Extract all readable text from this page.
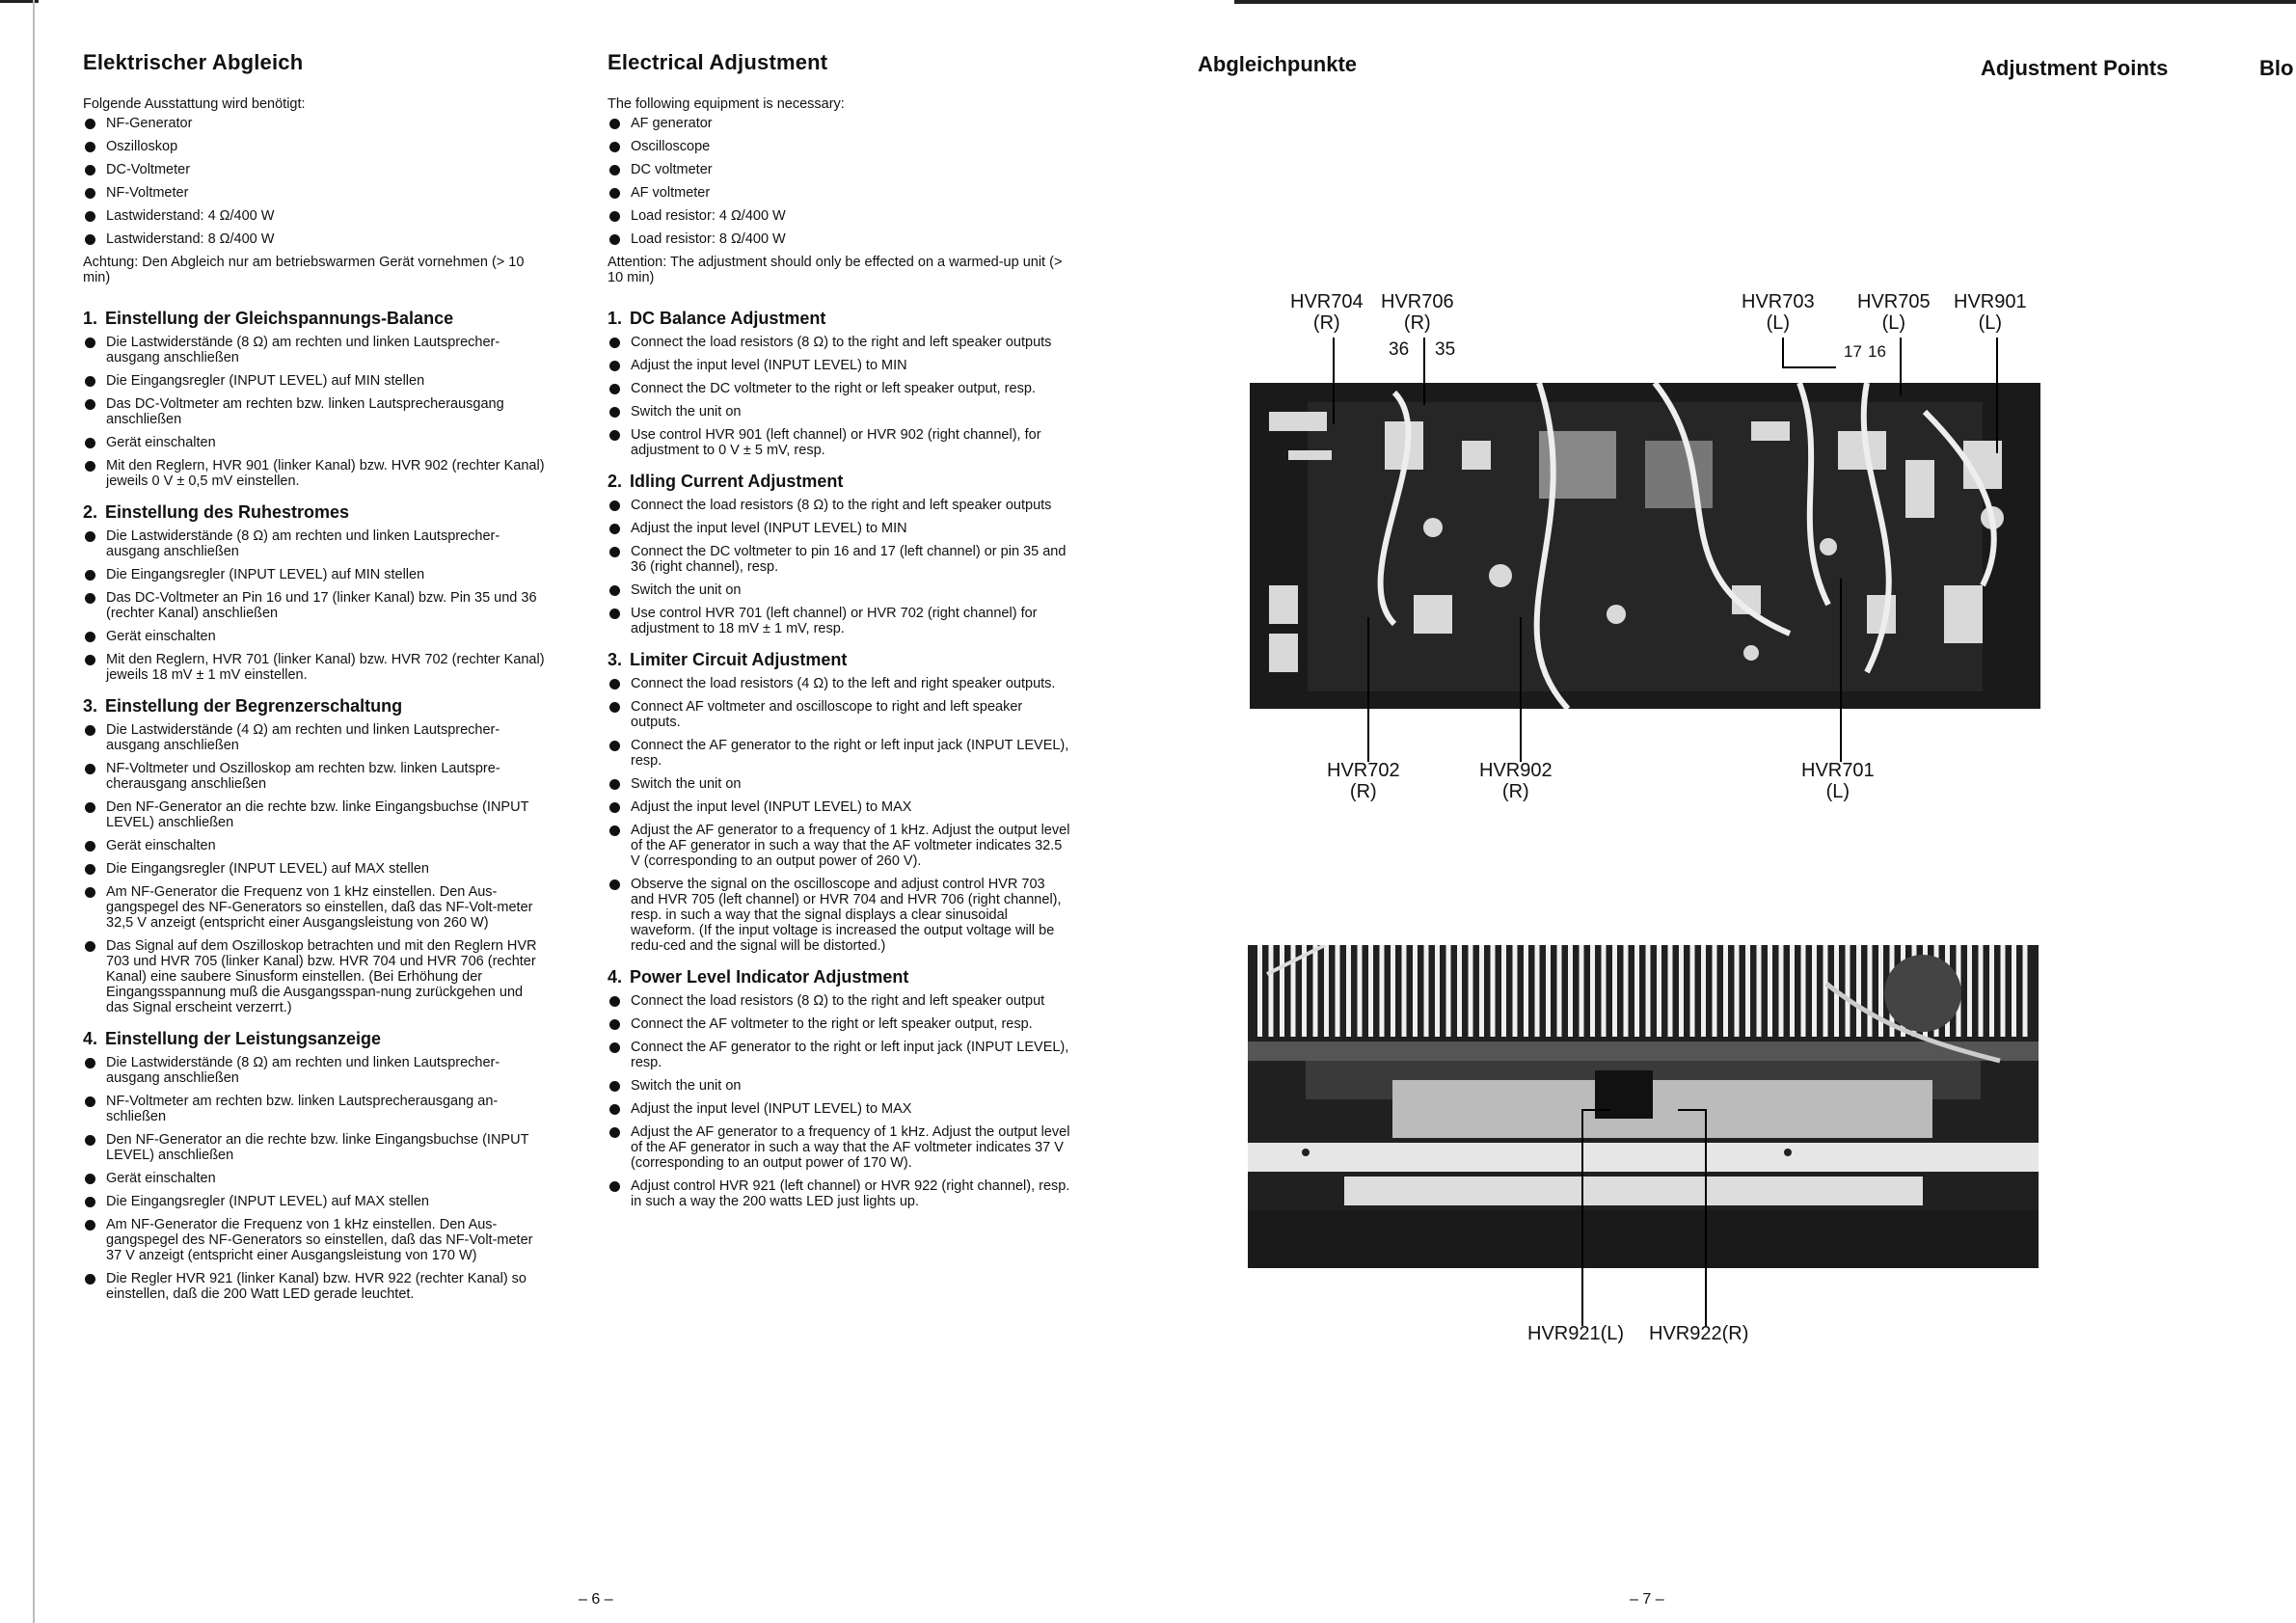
Elektrischer Abgleich
Folgende Ausstattung wird benötigt:
NF-Generator
Oszilloskop
DC-Voltmeter
NF-Voltmeter
Lastwiderstand: 4 Ω/400 W
Lastwiderstand: 8 Ω/400 W
Achtung: Den Abgleich nur am betriebswarmen Gerät vornehmen (> 10 min)
1. Einstellung der Gleichspannungs-Balance
Die Lastwiderstände (8 Ω) am rechten und linken Lautsprecher-ausgang anschließen
Die Eingangsregler (INPUT LEVEL) auf MIN stellen
Das DC-Voltmeter am rechten bzw. linken Lautsprecherausgang anschließen
Gerät einschalten
Mit den Reglern, HVR 901 (linker Kanal) bzw. HVR 902 (rechter Kanal) jeweils 0 V ± 0,5 mV einstellen.
2. Einstellung des Ruhestromes
Die Lastwiderstände (8 Ω) am rechten und linken Lautsprecher-ausgang anschließen
Die Eingangsregler (INPUT LEVEL) auf MIN stellen
Das DC-Voltmeter an Pin 16 und 17 (linker Kanal) bzw. Pin 35 und 36 (rechter Kanal) anschließen
Gerät einschalten
Mit den Reglern, HVR 701 (linker Kanal) bzw. HVR 702 (rechter Kanal) jeweils 18 mV ± 1 mV einstellen.
3. Einstellung der Begrenzerschaltung
Die Lastwiderstände (4 Ω) am rechten und linken Lautsprecher-ausgang anschließen
NF-Voltmeter und Oszilloskop am rechten bzw. linken Lautspre-cherausgang anschließen
Den NF-Generator an die rechte bzw. linke Eingangsbuchse (INPUT LEVEL) anschließen
Gerät einschalten
Die Eingangsregler (INPUT LEVEL) auf MAX stellen
Am NF-Generator die Frequenz von 1 kHz einstellen. Den Aus-gangspegel des NF-Generators so einstellen, daß das NF-Volt-meter 32,5 V anzeigt (entspricht einer Ausgangsleistung von 260 W)
Das Signal auf dem Oszilloskop betrachten und mit den Reglern HVR 703 und HVR 705 (linker Kanal) bzw. HVR 704 und HVR 706 (rechter Kanal) eine saubere Sinusform einstellen. (Bei Erhöhung der Eingangsspannung muß die Ausgangsspan-nung zurückgehen und das Signal erscheint verzerrt.)
4. Einstellung der Leistungsanzeige
Die Lastwiderstände (8 Ω) am rechten und linken Lautsprecher-ausgang anschließen
NF-Voltmeter am rechten bzw. linken Lautsprecherausgang an-schließen
Den NF-Generator an die rechte bzw. linke Eingangsbuchse (INPUT LEVEL) anschließen
Gerät einschalten
Die Eingangsregler (INPUT LEVEL) auf MAX stellen
Am NF-Generator die Frequenz von 1 kHz einstellen. Den Aus-gangspegel des NF-Generators so einstellen, daß das NF-Volt-meter 37 V anzeigt (entspricht einer Ausgangsleistung von 170 W)
Die Regler HVR 921 (linker Kanal) bzw. HVR 922 (rechter Kanal) so einstellen, daß die 200 Watt LED gerade leuchtet.
Electrical Adjustment
The following equipment is necessary:
AF generator
Oscilloscope
DC voltmeter
AF voltmeter
Load resistor: 4 Ω/400 W
Load resistor: 8 Ω/400 W
Attention: The adjustment should only be effected on a warmed-up unit (> 10 min)
1. DC Balance Adjustment
Connect the load resistors (8 Ω) to the right and left speaker outputs
Adjust the input level (INPUT LEVEL) to MIN
Connect the DC voltmeter to the right or left speaker output, resp.
Switch the unit on
Use control HVR 901 (left channel) or HVR 902 (right channel), for adjustment to 0 V ± 5 mV, resp.
2. Idling Current Adjustment
Connect the load resistors (8 Ω) to the right and left speaker outputs
Adjust the input level (INPUT LEVEL) to MIN
Connect the DC voltmeter to pin 16 and 17 (left channel) or pin 35 and 36 (right channel), resp.
Switch the unit on
Use control HVR 701 (left channel) or HVR 702 (right channel) for adjustment to 18 mV ± 1 mV, resp.
3. Limiter Circuit Adjustment
Connect the load resistors (4 Ω) to the left and right speaker outputs.
Connect AF voltmeter and oscilloscope to right and left speaker outputs.
Connect the AF generator to the right or left input jack (INPUT LEVEL), resp.
Switch the unit on
Adjust the input level (INPUT LEVEL) to MAX
Adjust the AF generator to a frequency of 1 kHz. Adjust the output level of the AF generator in such a way that the AF voltmeter indicates 32.5 V (corresponding to an output power of 260 V).
Observe the signal on the oscilloscope and adjust control HVR 703 and HVR 705 (left channel) or HVR 704 and HVR 706 (right channel), resp. in such a way that the signal displays a clear sinusoidal waveform. (If the input voltage is increased the output voltage will be redu-ced and the signal will be distorted.)
4. Power Level Indicator Adjustment
Connect the load resistors (8 Ω) to the right and left speaker output
Connect the AF voltmeter to the right or left speaker output, resp.
Connect the AF generator to the right or left input jack (INPUT LEVEL), resp.
Switch the unit on
Adjust the input level (INPUT LEVEL) to MAX
Adjust the AF generator to a frequency of 1 kHz. Adjust the output level of the AF generator in such a way that the AF voltmeter indicates 37 V (corresponding to an output power of 170 W).
Adjust control HVR 921 (left channel) or HVR 922 (right channel), resp. in such a way the 200 watts LED just lights up.
– 6 –
Abgleichpunkte	Adjustment Points	Blo
HVR704
(R)
HVR706
(R)
36 35
HVR703
(L)
17 16
HVR705
(L)
HVR901
(L)
HVR702
(R)
HVR902
(R)
HVR701
(L)
HVR921(L) HVR922(R)
– 7 –
